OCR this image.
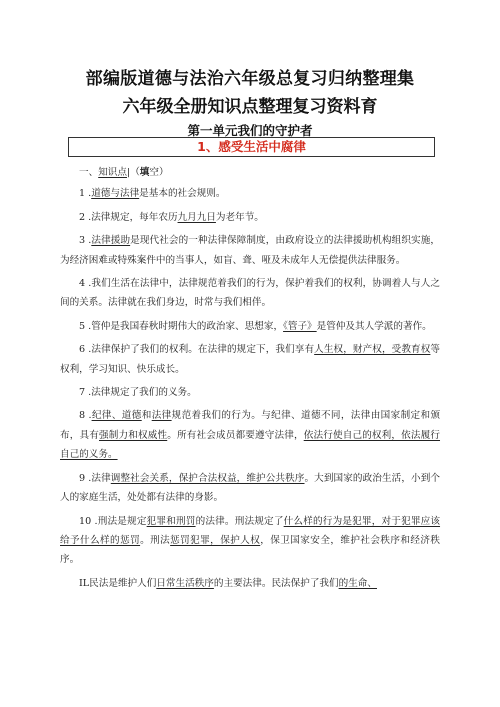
部编版道德与法治六年级总复习归纳整理集
六年级全册知识点整理复习资料育
第一单元我们的守护者
1、感受生活中腐律

一、知识点|（填空）

1 .道德与法律是基本的社会规则。

2 .法律规定，每年农历九月九日为老年节。

3 .法律援助是现代社会的一种法律保障制度，由政府设立的法律援助机构组织实施，为经济困难或特殊案件中的当事人，如盲、聋、哑及未成年人无偿提供法律服务。

4 .我们生活在法律中，法律规范着我们的行为，保护着我们的权利，协调着人与人之间的关系。法律就在我们身边，时常与我们相伴。

5 .管仲是我国春秋时期伟大的政治家、思想家，《管子》是管仲及其人学派的著作。

6 .法律保护了我们的权利。在法律的规定下，我们享有人生权，财产权，受教育权等权利，学习知识、快乐成长。

7 .法律规定了我们的义务。

8 .纪律、道德和法律规范着我们的行为。与纪律、道德不同，法律由国家制定和颁布，具有强制力和权威性。所有社会成员都要遵守法律，依法行使自己的权利，依法履行自己的义务。

9 .法律调整社会关系，保护合法权益，维护公共秩序。大到国家的政治生活，小到个人的家庭生活，处处都有法律的身影。

10 .刑法是规定犯罪和刑罚的法律。刑法规定了什么样的行为是犯罪，对于犯罪应该给予什么样的惩罚。刑法惩罚犯罪，保护人权，保卫国家安全，维护社会秩序和经济秩序。

IL民法是维护人们日常生活秩序的主要法律。民法保护了我们的生命、
